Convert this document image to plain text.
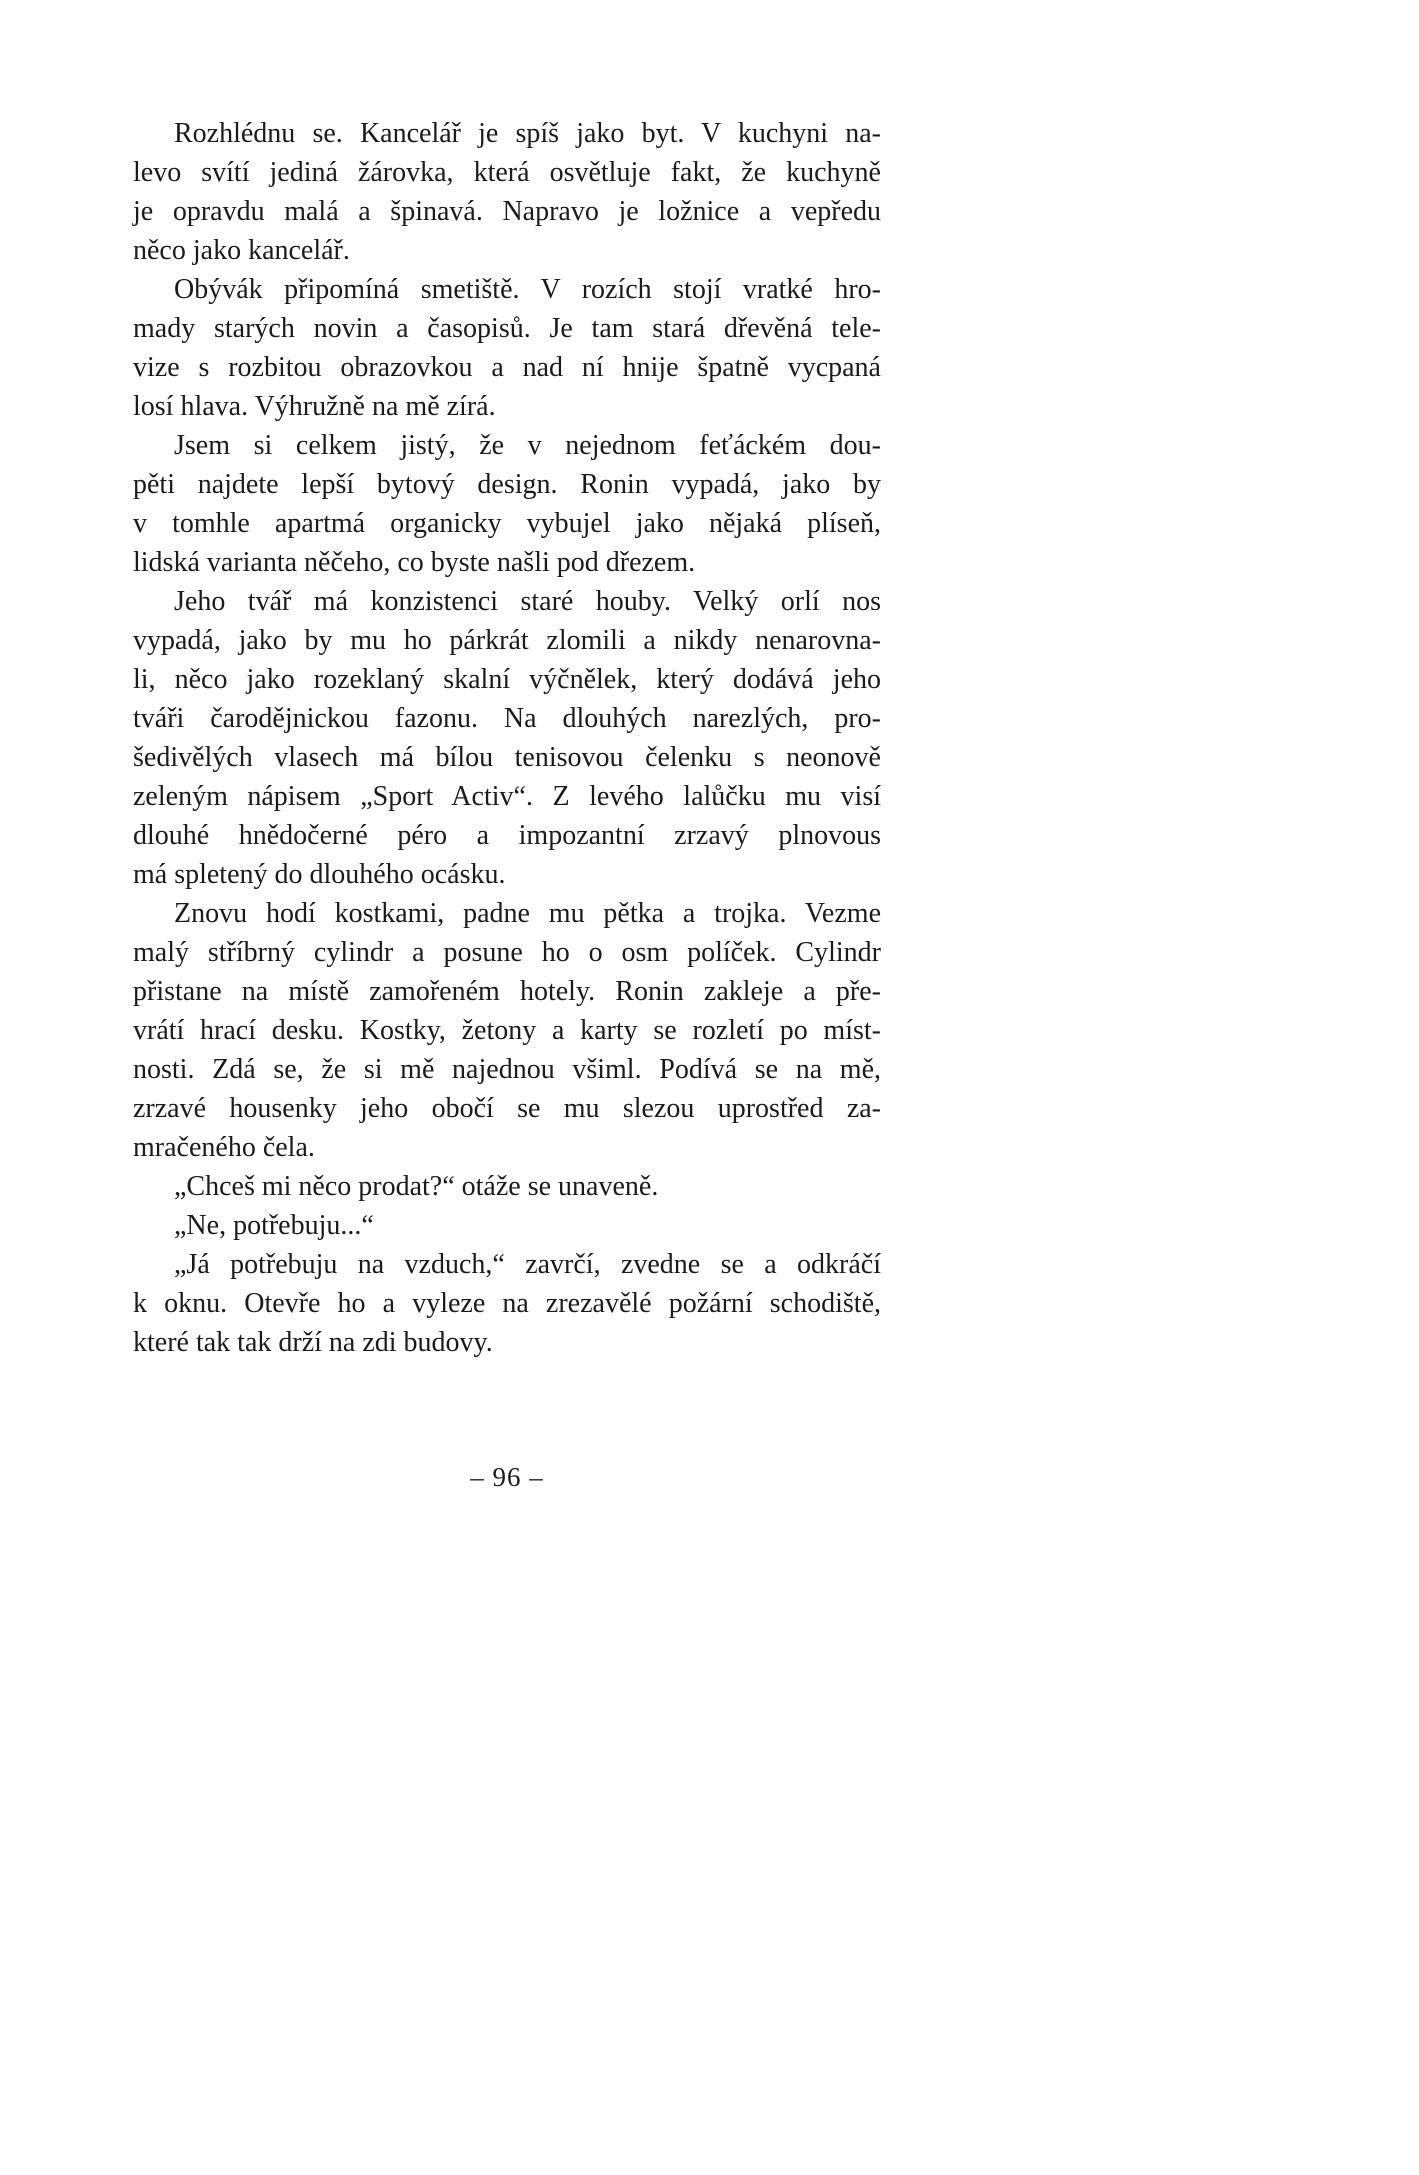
Rozhlédnu se. Kancelář je spíš jako byt. V kuchyni na-
levo svítí jediná žárovka, která osvětluje fakt, že kuchyně
je opravdu malá a špinavá. Napravo je ložnice a vepředu
něco jako kancelář.

Obývák připomíná smetiště. V rozích stojí vratké hro-
mady starých novin a časopisů. Je tam stará dřevěná tele-
vize s rozbitou obrazovkou a nad ní hnije špatně vycpaná
losí hlava. Výhružně na mě zírá.

Jsem si celkem jistý, že v nejednom feťáckém dou-
pěti najdete lepší bytový design. Ronin vypadá, jako by
v tomhle apartmá organicky vybujel jako nějaká plíseň,
lidská varianta něčeho, co byste našli pod dřezem.

Jeho tvář má konzistenci staré houby. Velký orlí nos
vypadá, jako by mu ho párkrát zlomili a nikdy nenarovna-
li, něco jako rozeklaný skalní výčnělek, který dodává jeho
tváři čarodějnickou fazonu. Na dlouhých narezlých, pro-
šedivělých vlasech má bílou tenisovou čelenku s neonově
zeleným nápisem „Sport Activ“. Z levého lalůčku mu visí
dlouhé hnědočerné péro a impozantní zrzavý plnovous
má spletený do dlouhého ocásku.

Znovu hodí kostkami, padne mu pětka a trojka. Vezme
malý stříbrný cylindr a posune ho o osm políček. Cylindr
přistane na místě zamořeném hotely. Ronin zakleje a pře-
vrátí hrací desku. Kostky, žetony a karty se rozletí po míst-
nosti. Zdá se, že si mě najednou všiml. Podívá se na mě,
zrzavé housenky jeho obočí se mu slezou uprostřed za-
mračeného čela.

„Chceš mi něco prodat?“ otáže se unaveně.

„Ne, potřebuju...“

„Já potřebuju na vzduch,“ zavrčí, zvedne se a odkráčí
k oknu. Otevře ho a vyleze na zrezavělé požární schodiště,
které tak tak drží na zdi budovy.

– 96 –
